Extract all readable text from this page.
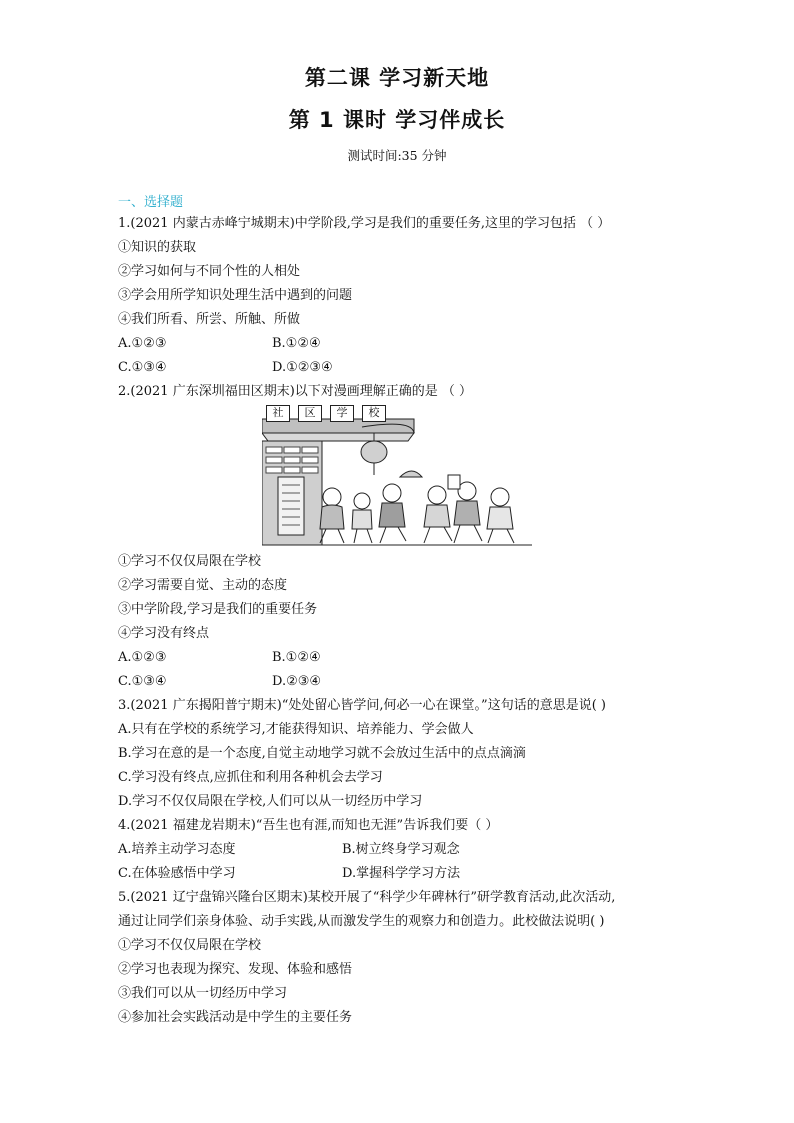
第二课 学习新天地
第 1 课时 学习伴成长
测试时间:35 分钟
一、选择题
1.(2021 内蒙古赤峰宁城期末)中学阶段,学习是我们的重要任务,这里的学习包括 （ ）
①知识的获取
②学习如何与不同个性的人相处
③学会用所学知识处理生活中遇到的问题
④我们所看、所尝、所触、所做
A.①②③	B.①②④
C.①③④	D.①②③④
2.(2021 广东深圳福田区期末)以下对漫画理解正确的是 （ ）
社	区	学	校
①学习不仅仅局限在学校
②学习需要自觉、主动的态度
③中学阶段,学习是我们的重要任务
④学习没有终点
A.①②③	B.①②④
C.①③④	D.②③④
3.(2021 广东揭阳普宁期末)“处处留心皆学问,何必一心在课堂。”这句话的意思是说( )
A.只有在学校的系统学习,才能获得知识、培养能力、学会做人
B.学习在意的是一个态度,自觉主动地学习就不会放过生活中的点点滴滴
C.学习没有终点,应抓住和利用各种机会去学习
D.学习不仅仅局限在学校,人们可以从一切经历中学习
4.(2021 福建龙岩期末)“吾生也有涯,而知也无涯”告诉我们要（ ）
A.培养主动学习态度	B.树立终身学习观念
C.在体验感悟中学习	D.掌握科学学习方法
5.(2021 辽宁盘锦兴隆台区期末)某校开展了“科学少年碑林行”研学教育活动,此次活动,
通过让同学们亲身体验、动手实践,从而激发学生的观察力和创造力。此校做法说明( )
①学习不仅仅局限在学校
②学习也表现为探究、发现、体验和感悟
③我们可以从一切经历中学习
④参加社会实践活动是中学生的主要任务
